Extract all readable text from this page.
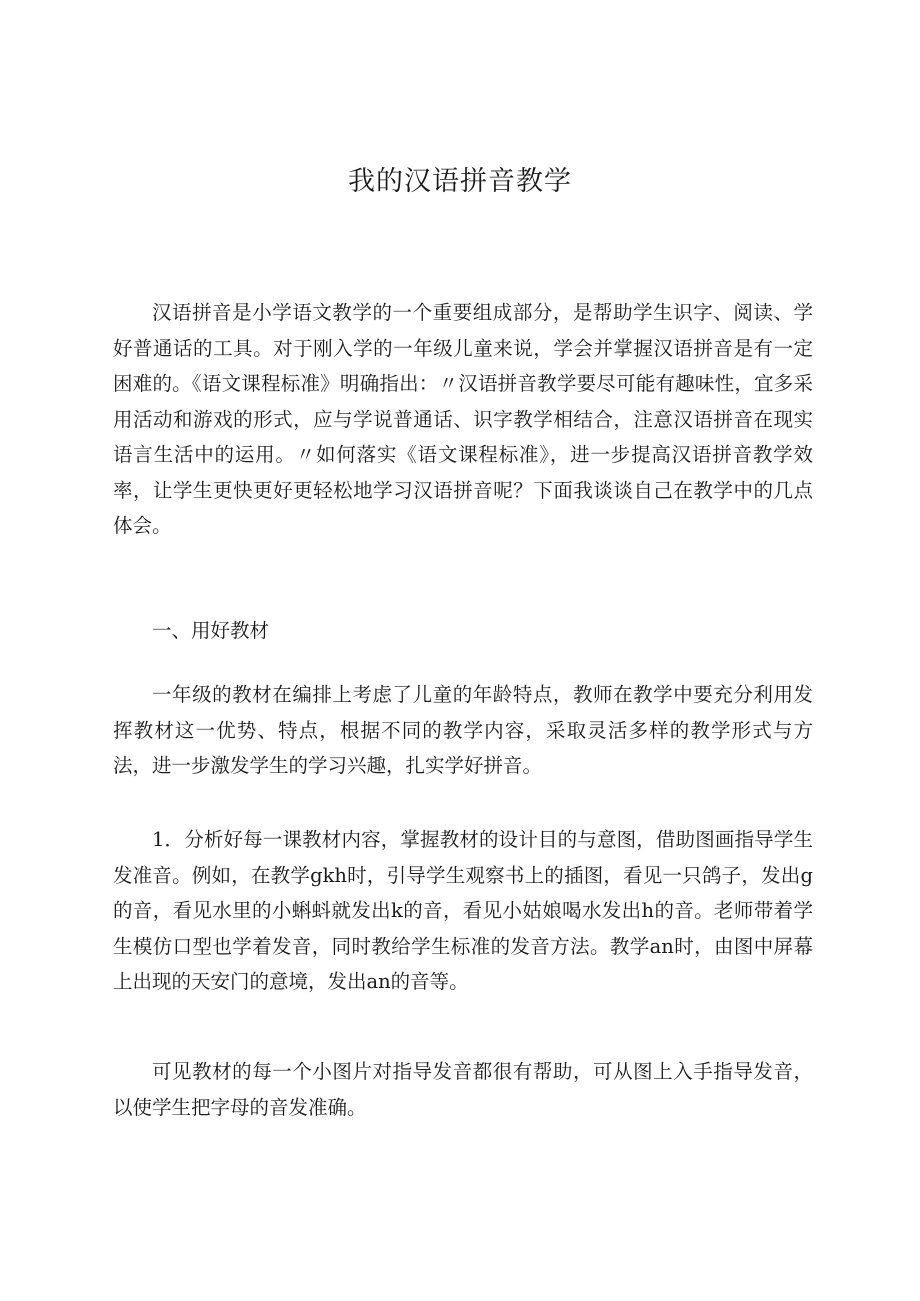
我的汉语拼音教学

汉语拼音是小学语文教学的一个重要组成部分，是帮助学生识字、阅读、学好普通话的工具。对于刚入学的一年级儿童来说，学会并掌握汉语拼音是有一定困难的。《语文课程标准》明确指出：〃汉语拼音教学要尽可能有趣味性，宜多采用活动和游戏的形式，应与学说普通话、识字教学相结合，注意汉语拼音在现实语言生活中的运用。〃如何落实《语文课程标准》，进一步提高汉语拼音教学效率，让学生更快更好更轻松地学习汉语拼音呢？下面我谈谈自己在教学中的几点体会。

一、用好教材

一年级的教材在编排上考虑了儿童的年龄特点，教师在教学中要充分利用发挥教材这一优势、特点，根据不同的教学内容，采取灵活多样的教学形式与方法，进一步激发学生的学习兴趣，扎实学好拼音。

1．分析好每一课教材内容，掌握教材的设计目的与意图，借助图画指导学生发准音。例如，在教学gkh时，引导学生观察书上的插图，看见一只鸽子，发出g的音，看见水里的小蝌蚪就发出k的音，看见小姑娘喝水发出h的音。老师带着学生模仿口型也学着发音，同时教给学生标准的发音方法。教学an时，由图中屏幕上出现的天安门的意境，发出an的音等。

可见教材的每一个小图片对指导发音都很有帮助，可从图上入手指导发音，以使学生把字母的音发准确。
